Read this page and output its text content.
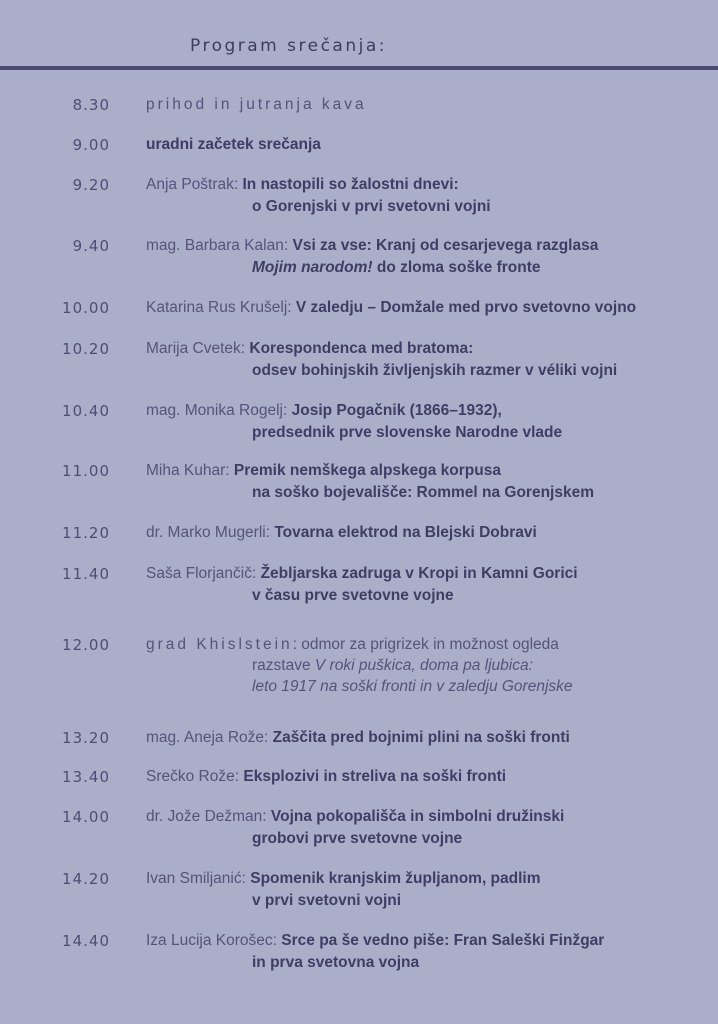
Program srečanja:
8.30 prihod in jutranja kava
9.00 uradni začetek srečanja
9.20 Anja Poštrak: In nastopili so žalostni dnevi:
o Gorenjski v prvi svetovni vojni
9.40 mag. Barbara Kalan: Vsi za vse: Kranj od cesarjevega razglasa
Mojim narodom! do zloma soške fronte
10.00 Katarina Rus Krušelj: V zaledju – Domžale med prvo svetovno vojno
10.20 Marija Cvetek: Korespondenca med bratoma:
odsev bohinjskih življenjskih razmer v véliki vojni
10.40 mag. Monika Rogelj: Josip Pogačnik (1866–1932),
predsednik prve slovenske Narodne vlade
11.00 Miha Kuhar: Premik nemškega alpskega korpusa
na soško bojevališče: Rommel na Gorenjskem
11.20 dr. Marko Mugerli: Tovarna elektrod na Blejski Dobravi
11.40 Saša Florjančič: Žebljarska zadruga v Kropi in Kamni Gorici
v času prve svetovne vojne
12.00 grad Khislstein: odmor za prigrizek in možnost ogleda
razstave V roki puškica, doma pa ljubica:
leto 1917 na soški fronti in v zaledju Gorenjske
13.20 mag. Aneja Rože: Zaščita pred bojnimi plini na soški fronti
13.40 Srečko Rože: Eksplozivi in streliva na soški fronti
14.00 dr. Jože Dežman: Vojna pokopališča in simbolni družinski
grobovi prve svetovne vojne
14.20 Ivan Smiljanić: Spomenik kranjskim župljanom, padlim
v prvi svetovni vojni
14.40 Iza Lucija Korošec: Srce pa še vedno piše: Fran Saleški Finžgar
in prva svetovna vojna
